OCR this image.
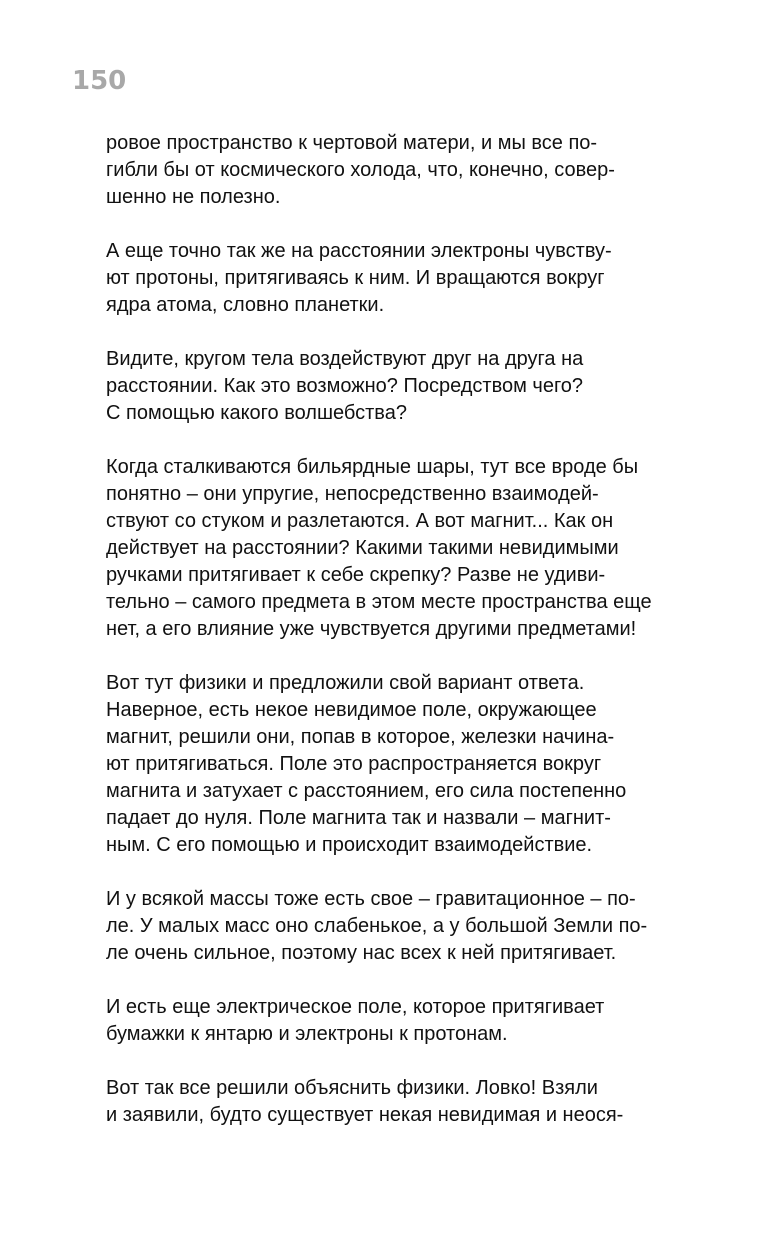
150

ровое пространство к чертовой матери, и мы все по-
гибли бы от космического холода, что, конечно, совер-
шенно не полезно.

А еще точно так же на расстоянии электроны чувству-
ют протоны, притягиваясь к ним. И вращаются вокруг
ядра атома, словно планетки.

Видите, кругом тела воздействуют друг на друга на
расстоянии. Как это возможно? Посредством чего?
С помощью какого волшебства?

Когда сталкиваются бильярдные шары, тут все вроде бы
понятно – они упругие, непосредственно взаимодей-
ствуют со стуком и разлетаются. А вот магнит... Как он
действует на расстоянии? Какими такими невидимыми
ручками притягивает к себе скрепку? Разве не удиви-
тельно – самого предмета в этом месте пространства еще
нет, а его влияние уже чувствуется другими предметами!

Вот тут физики и предложили свой вариант ответа.
Наверное, есть некое невидимое поле, окружающее
магнит, решили они, попав в которое, железки начина-
ют притягиваться. Поле это распространяется вокруг
магнита и затухает с расстоянием, его сила постепенно
падает до нуля. Поле магнита так и назвали – магнит-
ным. С его помощью и происходит взаимодействие.

И у всякой массы тоже есть свое – гравитационное – по-
ле. У малых масс оно слабенькое, а у большой Земли по-
ле очень сильное, поэтому нас всех к ней притягивает.

И есть еще электрическое поле, которое притягивает
бумажки к янтарю и электроны к протонам.

Вот так все решили объяснить физики. Ловко! Взяли
и заявили, будто существует некая невидимая и неося-
